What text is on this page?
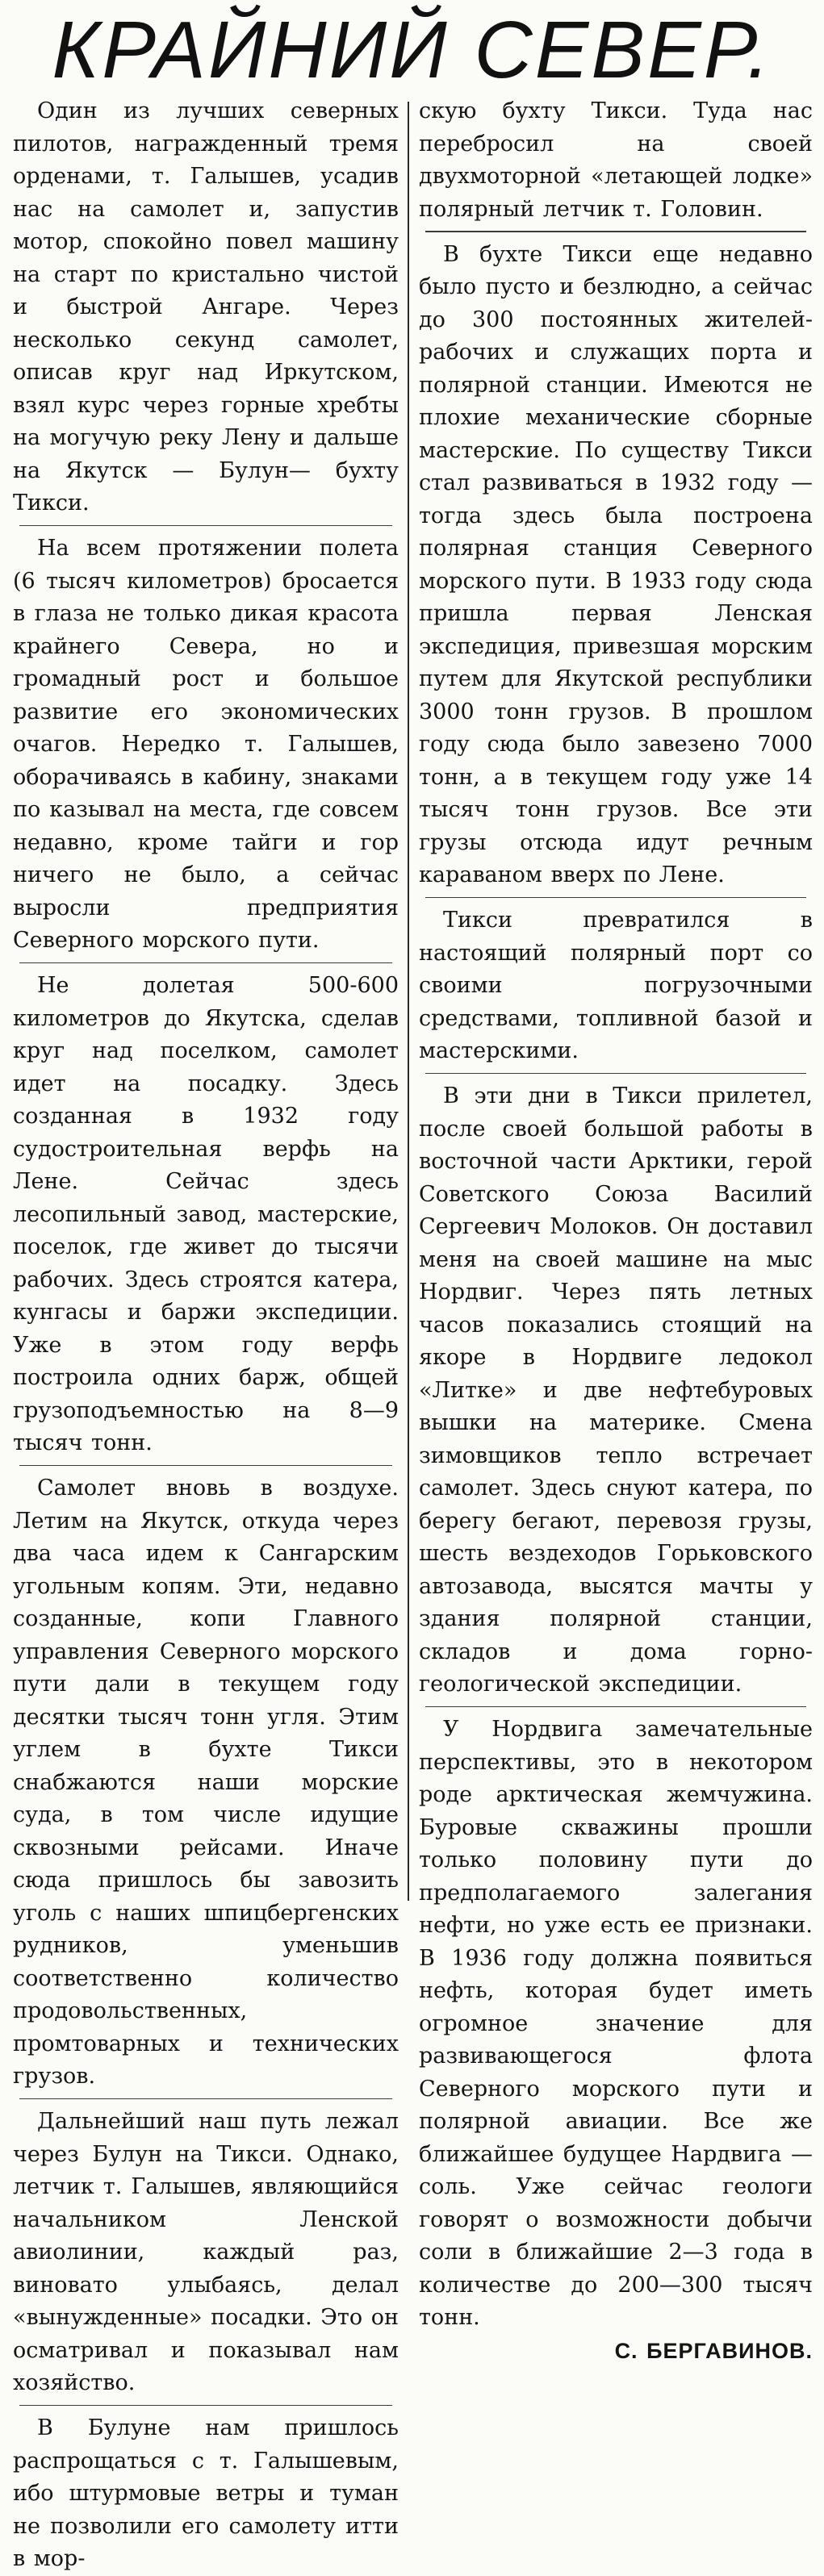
КРАЙНИЙ СЕВЕР.

Один из лучших северных пилотов, награжденный тремя орденами, т. Галышев, усадив нас на самолет и, запустив мотор, спокойно повел машину на старт по кристально чистой и быстрой Ангаре. Через несколько секунд самолет, описав круг над Иркутском, взял курс через горные хребты на могучую реку Лену и дальше на Якутск — Булун— бухту Тикси.

На всем протяжении полета (6 тысяч километров) бросается в глаза не только дикая красота крайнего Севера, но и громадный рост и большое развитие его экономических очагов. Нередко т. Галышев, оборачиваясь в кабину, знаками по казывал на места, где совсем недавно, кроме тайги и гор ничего не было, а сейчас выросли предприятия Северного морского пути.

Не долетая 500-600 километров до Якутска, сделав круг над поселком, самолет идет на посадку. Здесь созданная в 1932 году судостроительная верфь на Лене. Сейчас здесь лесопильный завод, мастерские, поселок, где живет до тысячи рабочих. Здесь строятся катера, кунгасы и баржи экспедиции. Уже в этом году верфь построила одних барж, общей грузоподъемностью на 8—9 тысяч тонн.

Самолет вновь в воздухе. Летим на Якутск, откуда через два часа идем к Сангарским угольным копям. Эти, недавно созданные, копи Главного управления Северного морского пути дали в текущем году десятки тысяч тонн угля. Этим углем в бухте Тикси снабжаются наши морские суда, в том числе идущие сквозными рейсами. Иначе сюда пришлось бы завозить уголь с наших шпицбергенских рудников, уменьшив соответственно количество продовольственных, промтоварных и технических грузов.

Дальнейший наш путь лежал через Булун на Тикси. Однако, летчик т. Галышев, являющийся начальником Ленской авиолинии, каждый раз, виновато улыбаясь, делал «вынужденные» посадки. Это он осматривал и показывал нам хозяйство.

В Булуне нам пришлось распрощаться с т. Галышевым, ибо штурмовые ветры и туман не позволили его самолету итти в мор-

скую бухту Тикси. Туда нас перебросил на своей двухмоторной «летающей лодке» полярный летчик т. Головин.

В бухте Тикси еще недавно было пусто и безлюдно, а сейчас до 300 постоянных жителей-рабочих и служащих порта и полярной станции. Имеются не плохие механические сборные мастерские. По существу Тикси стал развиваться в 1932 году — тогда здесь была построена полярная станция Северного морского пути. В 1933 году сюда пришла первая Ленская экспедиция, привезшая морским путем для Якутской республики 3000 тонн грузов. В прошлом году сюда было завезено 7000 тонн, а в текущем году уже 14 тысяч тонн грузов. Все эти грузы отсюда идут речным караваном вверх по Лене.

Тикси превратился в настоящий полярный порт со своими погрузочными средствами, топливной базой и мастерскими.

В эти дни в Тикси прилетел, после своей большой работы в восточной части Арктики, герой Советского Союза Василий Сергеевич Молоков. Он доставил меня на своей машине на мыс Нордвиг. Через пять летных часов показались стоящий на якоре в Нордвиге ледокол «Литке» и две нефтебуровых вышки на материке. Смена зимовщиков тепло встречает самолет. Здесь снуют катера, по берегу бегают, перевозя грузы, шесть вездеходов Горьковского автозавода, высятся мачты у здания полярной станции, складов и дома горно-геологической экспедиции.

У Нордвига замечательные перспективы, это в некотором роде арктическая жемчужина. Буровые скважины прошли только половину пути до предполагаемого залегания нефти, но уже есть ее признаки. В 1936 году должна появиться нефть, которая будет иметь огромное значение для развивающегося флота Северного морского пути и полярной авиации. Все же ближайшее будущее Нардвига — соль. Уже сейчас геологи говорят о возможности добычи соли в ближайшие 2—3 года в количестве до 200—300 тысяч тонн.

С. БЕРГАВИНОВ.
